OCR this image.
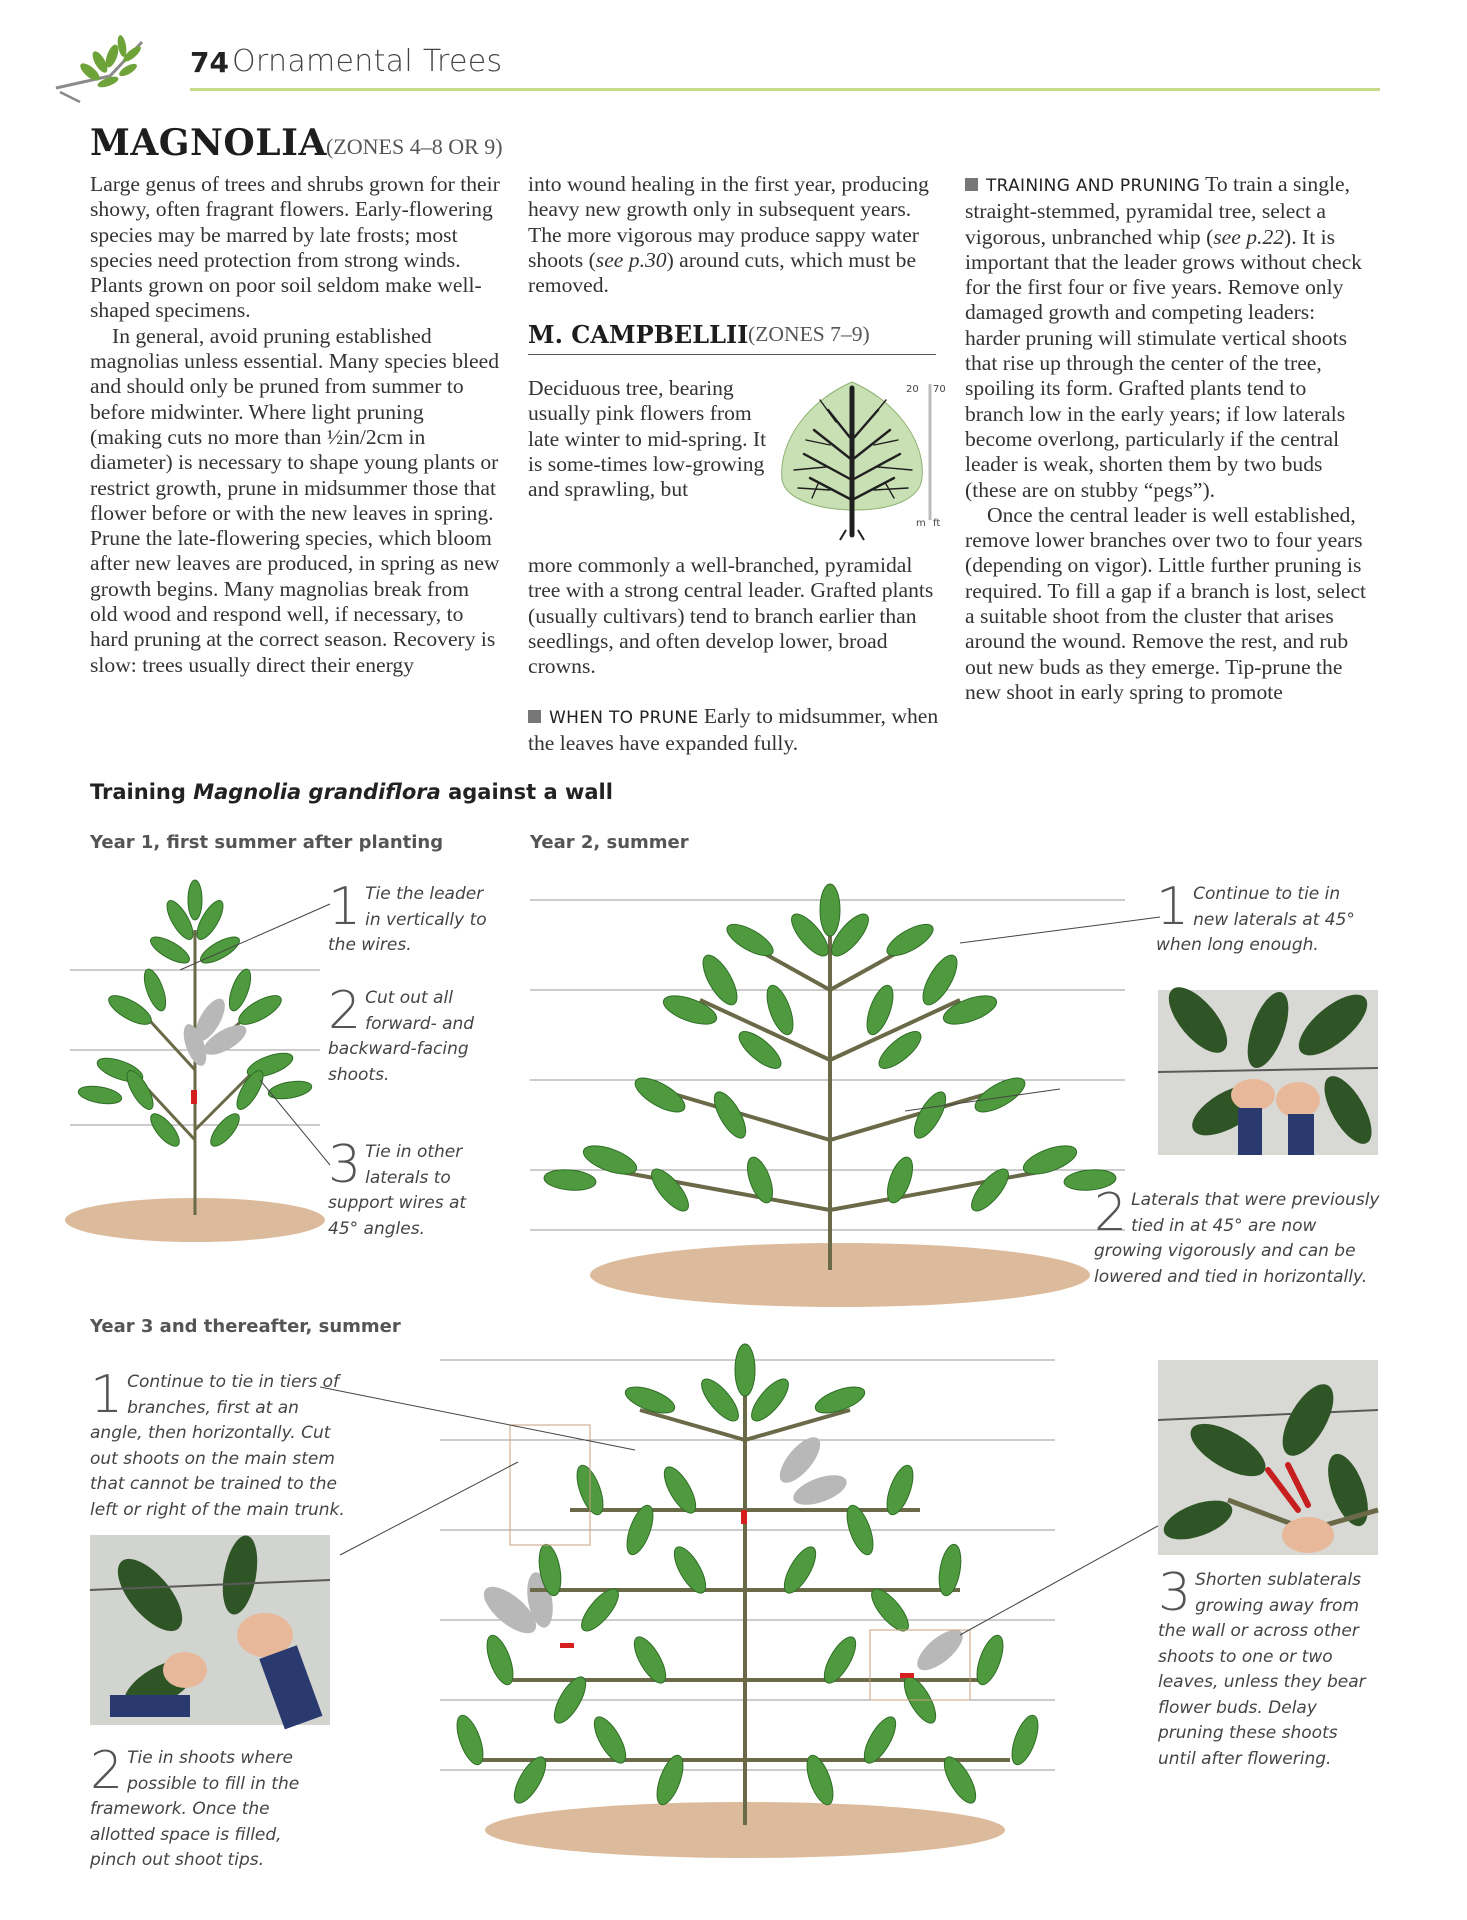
74 Ornamental Trees
MAGNOLIA (ZONES 4–8 OR 9)

Large genus of trees and shrubs grown for their showy, often fragrant flowers. Early-flowering species may be marred by late frosts; most species need protection from strong winds. Plants grown on poor soil seldom make well-shaped specimens.

In general, avoid pruning established magnolias unless essential. Many species bleed and should only be pruned from summer to before midwinter. Where light pruning (making cuts no more than ½in/2cm in diameter) is necessary to shape young plants or restrict growth, prune in midsummer those that flower before or with the new leaves in spring. Prune the late-flowering species, which bloom after new leaves are produced, in spring as new growth begins. Many magnolias break from old wood and respond well, if necessary, to hard pruning at the correct season. Recovery is slow: trees usually direct their energy

into wound healing in the first year, producing heavy new growth only in subsequent years. The more vigorous may produce sappy water shoots (see p.30) around cuts, which must be removed.

M. CAMPBELLII (ZONES 7–9)

Deciduous tree, bearing usually pink flowers from late winter to mid-spring. It is some-times low-growing and sprawling, but

20 70
m ft

more commonly a well-branched, pyramidal tree with a strong central leader. Grafted plants (usually cultivars) tend to branch earlier than seedlings, and often develop lower, broad crowns.

WHEN TO PRUNE Early to midsummer, when the leaves have expanded fully.

TRAINING AND PRUNING To train a single, straight-stemmed, pyramidal tree, select a vigorous, unbranched whip (see p.22). It is important that the leader grows without check for the first four or five years. Remove only damaged growth and competing leaders: harder pruning will stimulate vertical shoots that rise up through the center of the tree, spoiling its form. Grafted plants tend to branch low in the early years; if low laterals become overlong, particularly if the central leader is weak, shorten them by two buds (these are on stubby “pegs”).

Once the central leader is well established, remove lower branches over two to four years (depending on vigor). Little further pruning is required. To fill a gap if a branch is lost, select a suitable shoot from the cluster that arises around the wound. Remove the rest, and rub out new buds as they emerge. Tip-prune the new shoot in early spring to promote

Training Magnolia grandiflora against a wall
Year 1, first summer after planting	Year 2, summer
Year 3 and thereafter, summer
1 Tie the leader in vertically to the wires.
2 Cut out all forward- and backward-facing shoots.
3 Tie in other laterals to support wires at 45° angles.
1 Continue to tie in new laterals at 45° when long enough.
2 Laterals that were previously tied in at 45° are now growing vigorously and can be lowered and tied in horizontally.
1 Continue to tie in tiers of branches, first at an angle, then horizontally. Cut out shoots on the main stem that cannot be trained to the left or right of the main trunk.
2 Tie in shoots where possible to fill in the framework. Once the allotted space is filled, pinch out shoot tips.
3 Shorten sublaterals growing away from the wall or across other shoots to one or two leaves, unless they bear flower buds. Delay pruning these shoots until after flowering.
